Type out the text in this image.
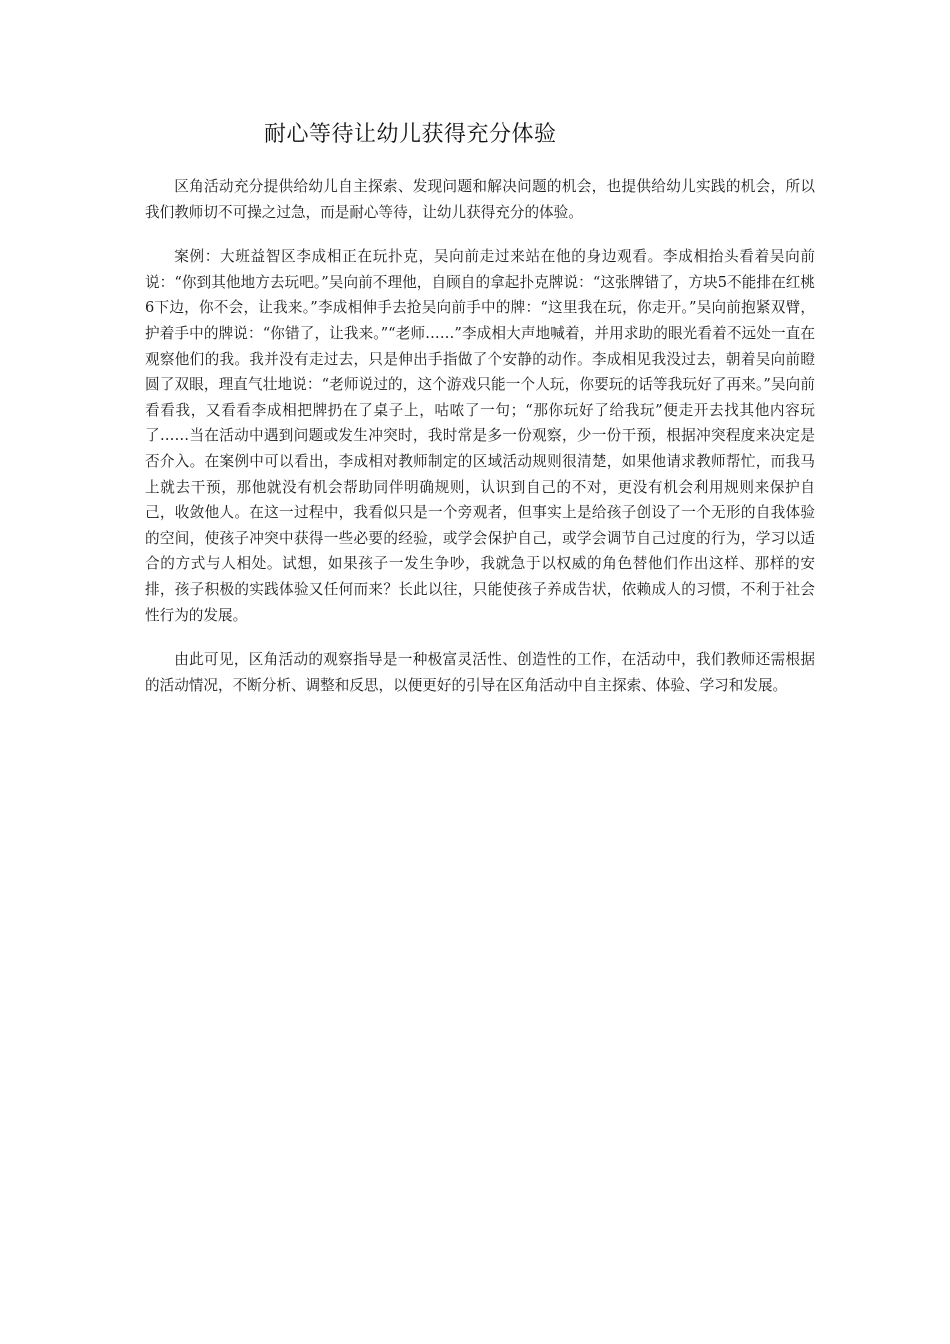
耐心等待让幼儿获得充分体验

区角活动充分提供给幼儿自主探索、发现问题和解决问题的机会，也提供给幼儿实践的机会，所以我们教师切不可操之过急，而是耐心等待，让幼儿获得充分的体验。

案例：大班益智区李成相正在玩扑克，吴向前走过来站在他的身边观看。李成相抬头看着吴向前说：“你到其他地方去玩吧。”吴向前不理他，自顾自的拿起扑克牌说：“这张牌错了，方块5不能排在红桃6下边，你不会，让我来。”李成相伸手去抢吴向前手中的牌：“这里我在玩，你走开。”吴向前抱紧双臂，护着手中的牌说：“你错了，让我来。”“老师……”李成相大声地喊着，并用求助的眼光看着不远处一直在观察他们的我。我并没有走过去，只是伸出手指做了个安静的动作。李成相见我没过去，朝着吴向前瞪圆了双眼，理直气壮地说：“老师说过的，这个游戏只能一个人玩，你要玩的话等我玩好了再来。”吴向前看看我，又看看李成相把牌扔在了桌子上，咕哝了一句；“那你玩好了给我玩”便走开去找其他内容玩了……当在活动中遇到问题或发生冲突时，我时常是多一份观察，少一份干预，根据冲突程度来决定是否介入。在案例中可以看出，李成相对教师制定的区域活动规则很清楚，如果他请求教师帮忙，而我马上就去干预，那他就没有机会帮助同伴明确规则，认识到自己的不对，更没有机会利用规则来保护自己，收敛他人。在这一过程中，我看似只是一个旁观者，但事实上是给孩子创设了一个无形的自我体验的空间，使孩子冲突中获得一些必要的经验，或学会保护自己，或学会调节自己过度的行为，学习以适合的方式与人相处。试想，如果孩子一发生争吵，我就急于以权威的角色替他们作出这样、那样的安排，孩子积极的实践体验又任何而来？长此以往，只能使孩子养成告状，依赖成人的习惯，不利于社会性行为的发展。

由此可见，区角活动的观察指导是一种极富灵活性、创造性的工作，在活动中，我们教师还需根据的活动情况，不断分析、调整和反思，以便更好的引导在区角活动中自主探索、体验、学习和发展。
